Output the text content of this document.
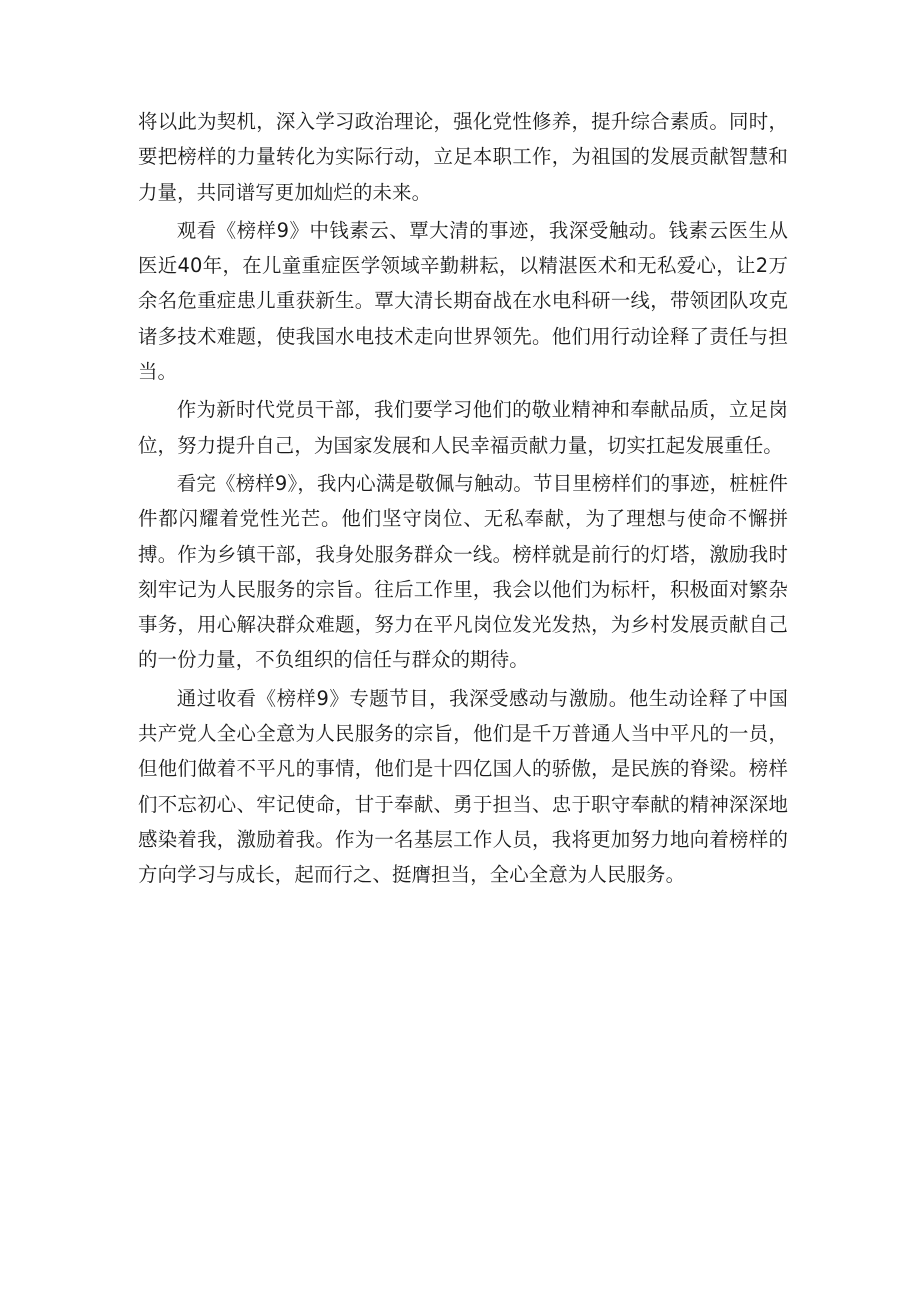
将以此为契机，深入学习政治理论，强化党性修养，提升综合素质。同时，要把榜样的力量转化为实际行动，立足本职工作，为祖国的发展贡献智慧和力量，共同谱写更加灿烂的未来。

观看《榜样9》中钱素云、覃大清的事迹，我深受触动。钱素云医生从医近40年，在儿童重症医学领域辛勤耕耘，以精湛医术和无私爱心，让2万余名危重症患儿重获新生。覃大清长期奋战在水电科研一线，带领团队攻克诸多技术难题，使我国水电技术走向世界领先。他们用行动诠释了责任与担当。

作为新时代党员干部，我们要学习他们的敬业精神和奉献品质，立足岗位，努力提升自己，为国家发展和人民幸福贡献力量，切实扛起发展重任。

看完《榜样9》，我内心满是敬佩与触动。节目里榜样们的事迹，桩桩件件都闪耀着党性光芒。他们坚守岗位、无私奉献，为了理想与使命不懈拼搏。作为乡镇干部，我身处服务群众一线。榜样就是前行的灯塔，激励我时刻牢记为人民服务的宗旨。往后工作里，我会以他们为标杆，积极面对繁杂事务，用心解决群众难题，努力在平凡岗位发光发热，为乡村发展贡献自己的一份力量，不负组织的信任与群众的期待。

通过收看《榜样9》专题节目，我深受感动与激励。他生动诠释了中国共产党人全心全意为人民服务的宗旨，他们是千万普通人当中平凡的一员，但他们做着不平凡的事情，他们是十四亿国人的骄傲，是民族的脊梁。榜样们不忘初心、牢记使命，甘于奉献、勇于担当、忠于职守奉献的精神深深地感染着我，激励着我。作为一名基层工作人员，我将更加努力地向着榜样的方向学习与成长，起而行之、挺膺担当，全心全意为人民服务。
